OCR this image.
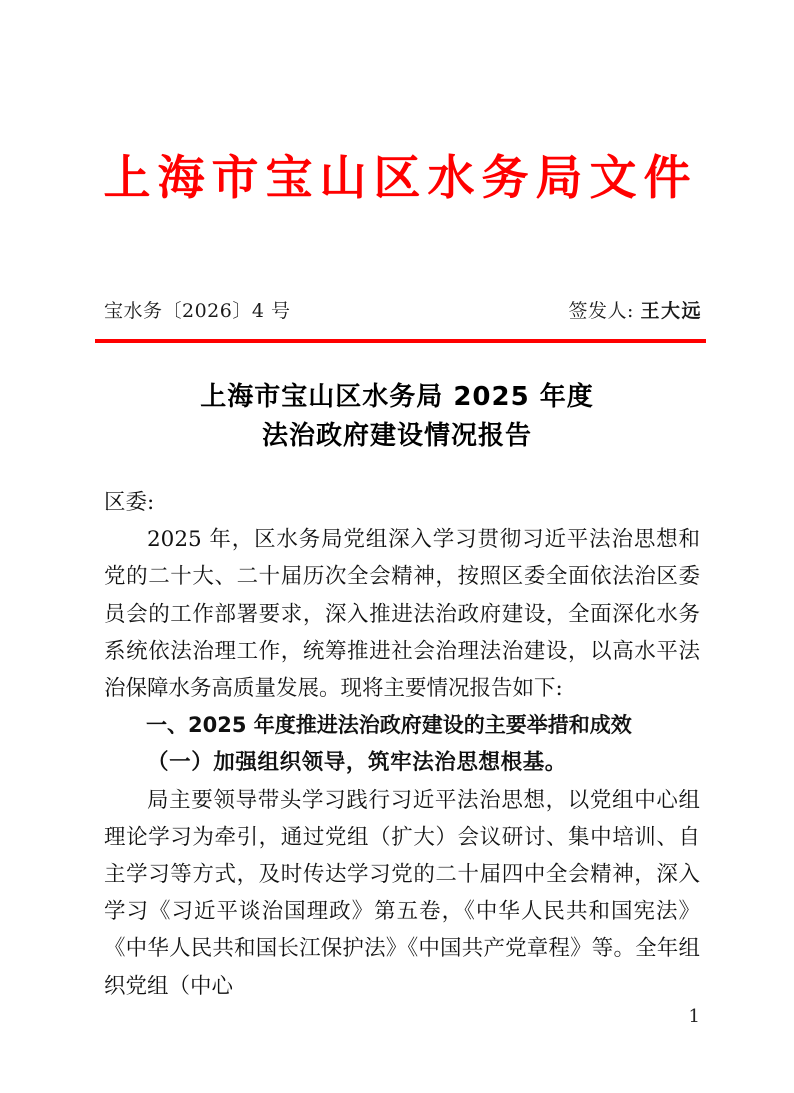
上海市宝山区水务局文件
宝水务〔2026〕4 号	签发人: 王大远
上海市宝山区水务局 2025 年度
法治政府建设情况报告

区委:

2025 年，区水务局党组深入学习贯彻习近平法治思想和党的二十大、二十届历次全会精神，按照区委全面依法治区委员会的工作部署要求，深入推进法治政府建设，全面深化水务系统依法治理工作，统筹推进社会治理法治建设，以高水平法治保障水务高质量发展。现将主要情况报告如下:

一、2025 年度推进法治政府建设的主要举措和成效

（一）加强组织领导，筑牢法治思想根基。

局主要领导带头学习践行习近平法治思想，以党组中心组理论学习为牵引，通过党组（扩大）会议研讨、集中培训、自主学习等方式，及时传达学习党的二十届四中全会精神，深入学习《习近平谈治国理政》第五卷，《中华人民共和国宪法》《中华人民共和国长江保护法》《中国共产党章程》等。全年组织党组（中心

1
